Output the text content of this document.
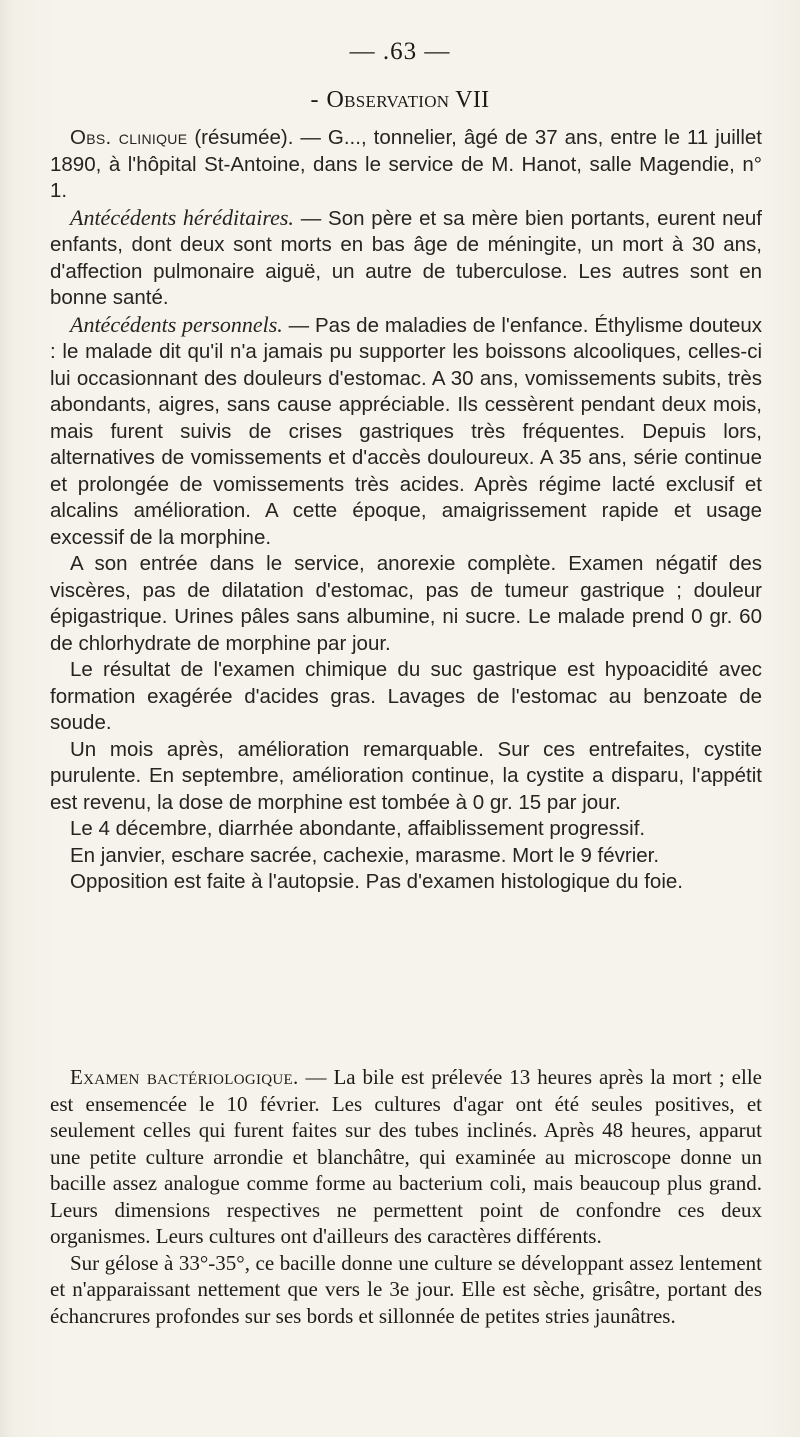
— .63 —
- Observation VII

Obs. clinique (résumée). — G..., tonnelier, âgé de 37 ans, entre le 11 juillet 1890, à l'hôpital St-Antoine, dans le service de M. Hanot, salle Magendie, n° 1.

Antécédents héréditaires. — Son père et sa mère bien portants, eurent neuf enfants, dont deux sont morts en bas âge de méningite, un mort à 30 ans, d'affection pulmonaire aiguë, un autre de tuberculose. Les autres sont en bonne santé.

Antécédents personnels. — Pas de maladies de l'enfance. Éthylisme douteux : le malade dit qu'il n'a jamais pu supporter les boissons alcooliques, celles-ci lui occasionnant des douleurs d'estomac. A 30 ans, vomissements subits, très abondants, aigres, sans cause appréciable. Ils cessèrent pendant deux mois, mais furent suivis de crises gastriques très fréquentes. Depuis lors, alternatives de vomissements et d'accès douloureux. A 35 ans, série continue et prolongée de vomissements très acides. Après régime lacté exclusif et alcalins amélioration. A cette époque, amaigrissement rapide et usage excessif de la morphine.

A son entrée dans le service, anorexie complète. Examen négatif des viscères, pas de dilatation d'estomac, pas de tumeur gastrique ; douleur épigastrique. Urines pâles sans albumine, ni sucre. Le malade prend 0 gr. 60 de chlorhydrate de morphine par jour.

Le résultat de l'examen chimique du suc gastrique est hypoacidité avec formation exagérée d'acides gras. Lavages de l'estomac au benzoate de soude.

Un mois après, amélioration remarquable. Sur ces entrefaites, cystite purulente. En septembre, amélioration continue, la cystite a disparu, l'appétit est revenu, la dose de morphine est tombée à 0 gr. 15 par jour.

Le 4 décembre, diarrhée abondante, affaiblissement progressif.

En janvier, eschare sacrée, cachexie, marasme. Mort le 9 février.

Opposition est faite à l'autopsie. Pas d'examen histologique du foie.

Examen bactériologique. — La bile est prélevée 13 heures après la mort ; elle est ensemencée le 10 février. Les cultures d'agar ont été seules positives, et seulement celles qui furent faites sur des tubes inclinés. Après 48 heures, apparut une petite culture arrondie et blanchâtre, qui examinée au microscope donne un bacille assez analogue comme forme au bacterium coli, mais beaucoup plus grand. Leurs dimensions respectives ne permettent point de confondre ces deux organismes. Leurs cultures ont d'ailleurs des caractères différents.

Sur gélose à 33°-35°, ce bacille donne une culture se développant assez lentement et n'apparaissant nettement que vers le 3e jour. Elle est sèche, grisâtre, portant des échancrures profondes sur ses bords et sillonnée de petites stries jaunâtres.
